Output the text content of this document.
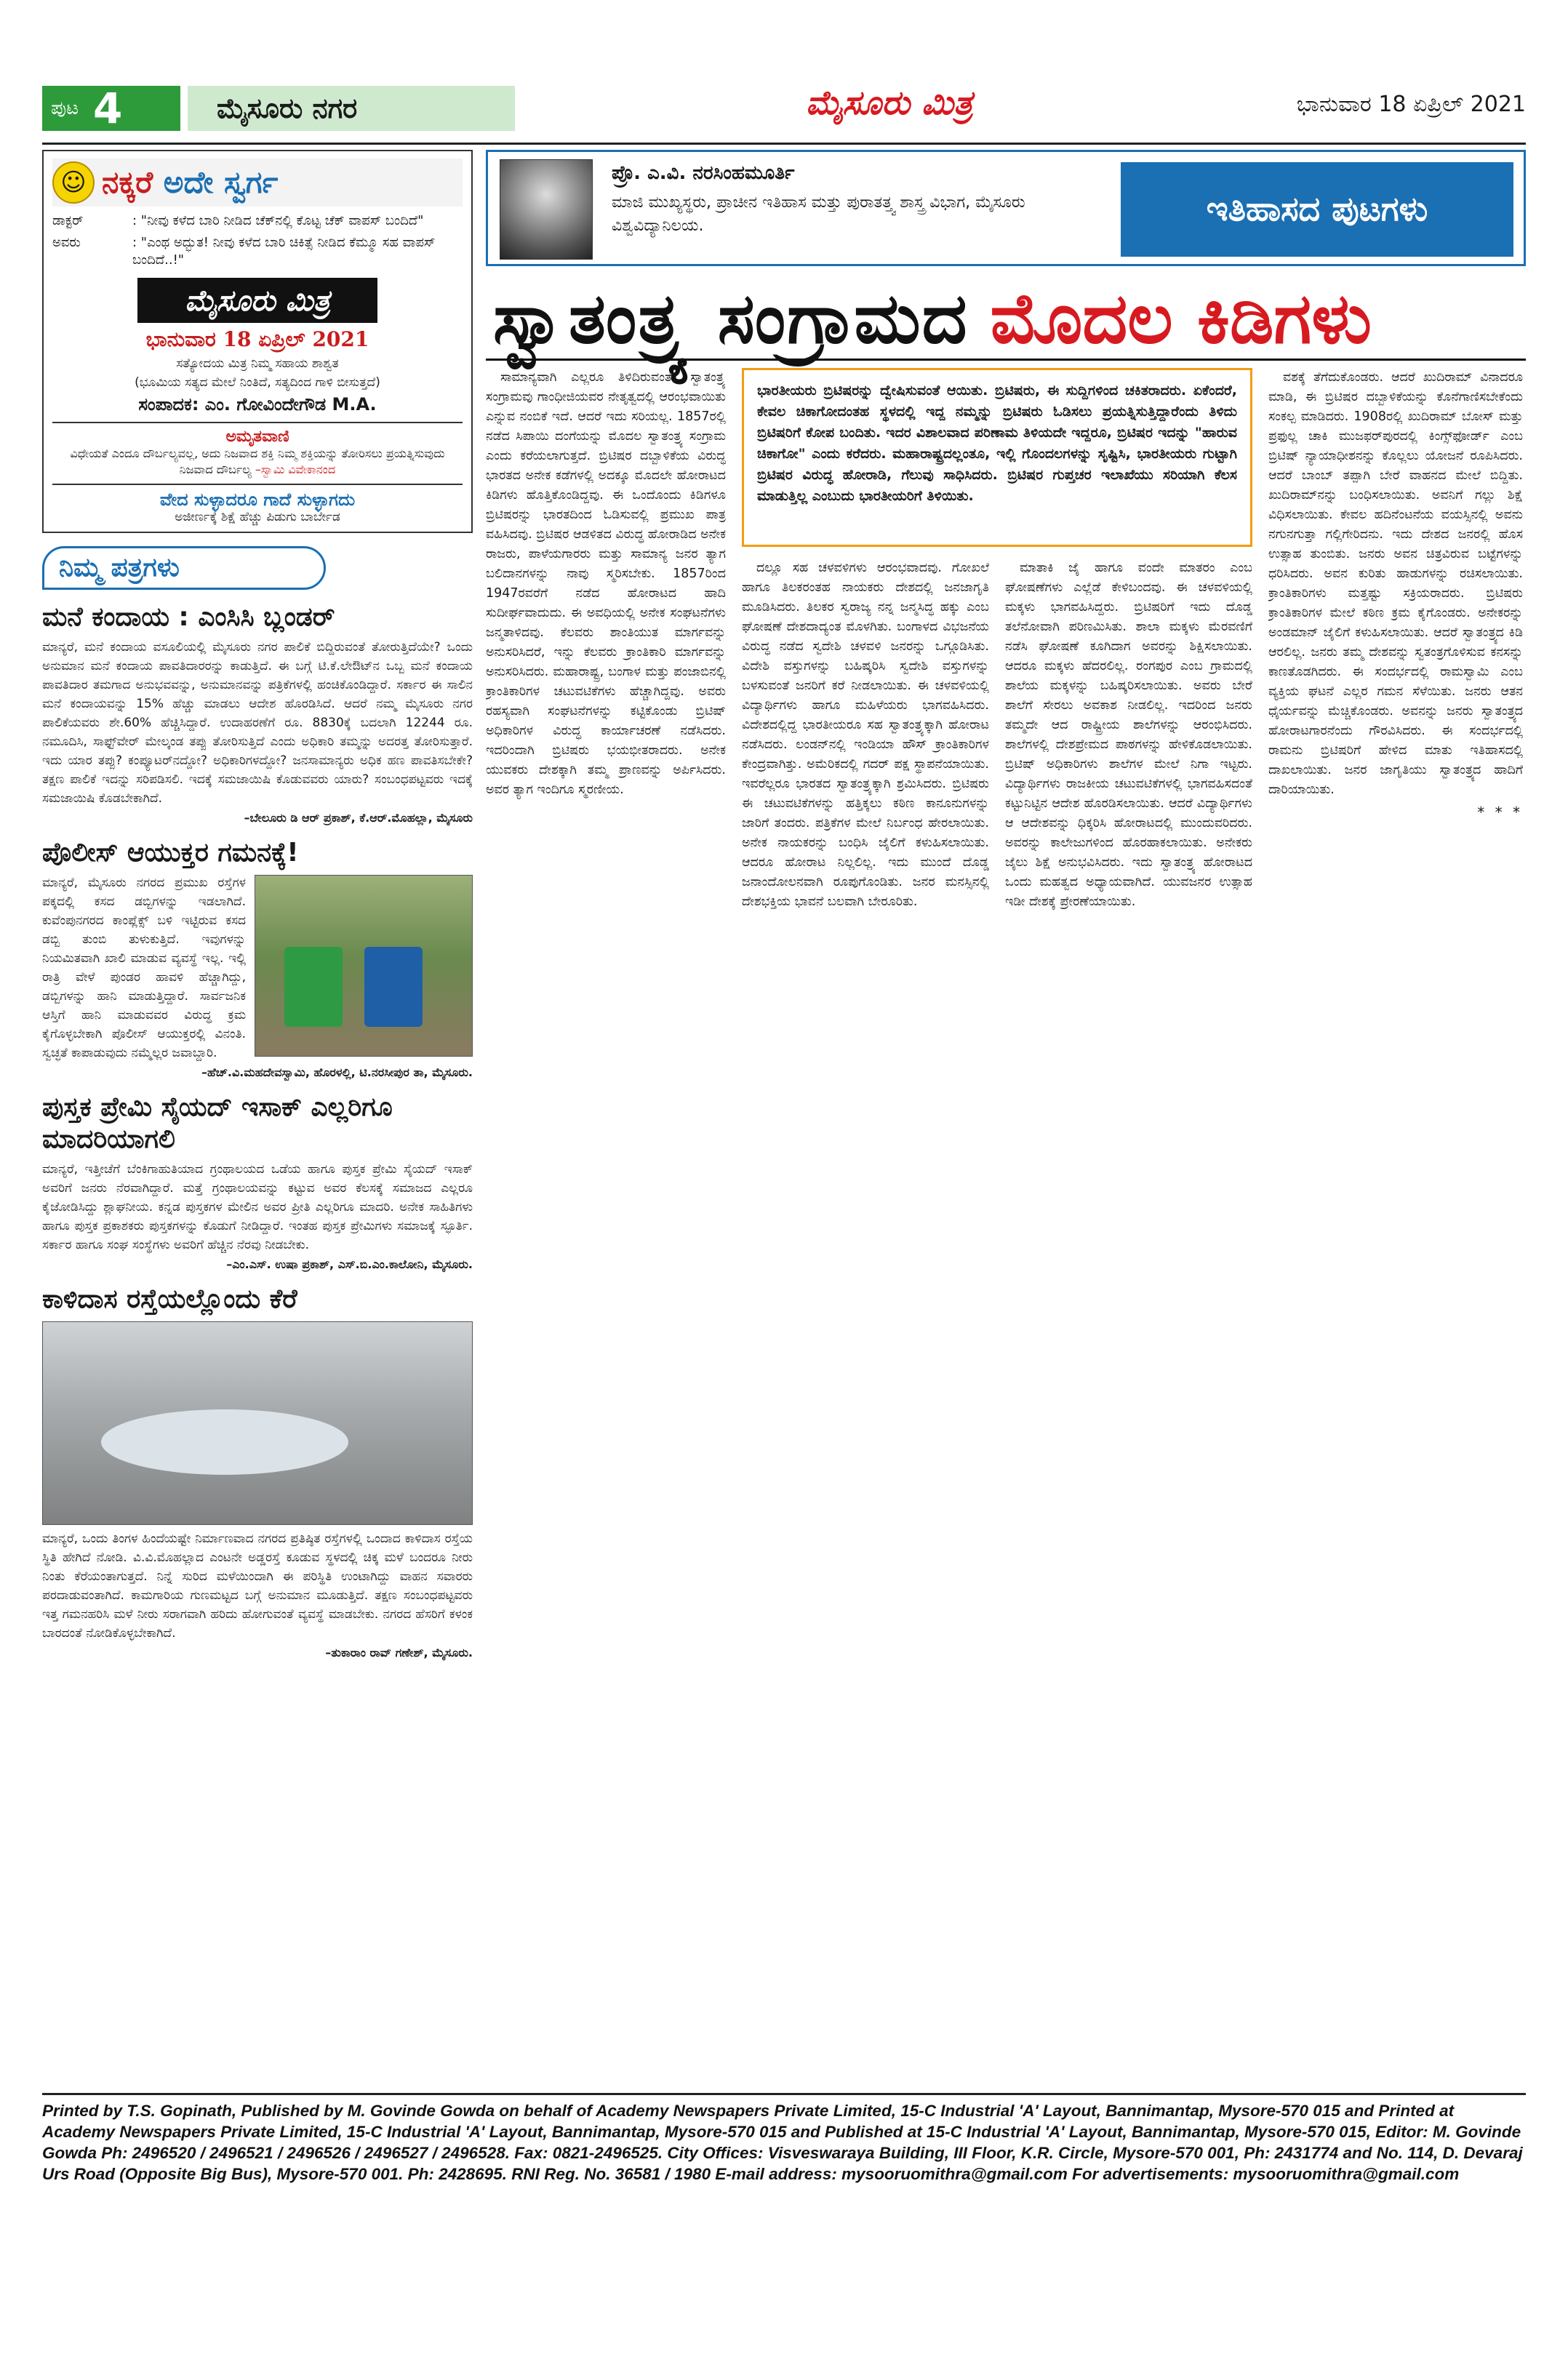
ಪುಟ 4	ಮೈಸೂರು ನಗರ	ಮೈಸೂರು ಮಿತ್ರ	ಭಾನುವಾರ 18 ಏಪ್ರಿಲ್ 2021
☺ ನಕ್ಕರೆ ಅದೇ ಸ್ವರ್ಗ
ಡಾಕ್ಟರ್	: "ನೀವು ಕಳೆದ ಬಾರಿ ನೀಡಿದ ಚೆಕ್‌ನಲ್ಲಿ ಕೊಟ್ಟ ಚೆಕ್ ವಾಪಸ್ ಬಂದಿದೆ"
ಅವರು	: "ಎಂಥ ಅದ್ಭುತ! ನೀವು ಕಳೆದ ಬಾರಿ ಚಿಕಿತ್ಸೆ ನೀಡಿದ ಕೆಮ್ಮೂ ಸಹ ವಾಪಸ್ ಬಂದಿದೆ..!"
ಮೈಸೂರು ಮಿತ್ರ
ಭಾನುವಾರ 18 ಏಪ್ರಿಲ್ 2021
ಸತ್ಯೋದಯ ಮಿತ್ರ ನಿಮ್ಮ ಸಹಾಯ ಶಾಶ್ವತ
(ಭೂಮಿಯ ಸತ್ಯದ ಮೇಲೆ ನಿಂತಿದೆ, ಸತ್ಯದಿಂದ ಗಾಳಿ ಬೀಸುತ್ತದೆ)
ಸಂಪಾದಕ: ಎಂ. ಗೋವಿಂದೇಗೌಡ M.A.
ಅಮೃತವಾಣಿ
ವಿಧೇಯತೆ ಎಂದೂ ದೌರ್ಬಲ್ಯವಲ್ಲ, ಅದು ನಿಜವಾದ ಶಕ್ತಿ ನಿಮ್ಮ ಶಕ್ತಿಯನ್ನು ತೋರಿಸಲು ಪ್ರಯತ್ನಿಸುವುದು ನಿಜವಾದ ದೌರ್ಬಲ್ಯ –ಸ್ವಾಮಿ ವಿವೇಕಾನಂದ
ವೇದ ಸುಳ್ಳಾದರೂ ಗಾದೆ ಸುಳ್ಳಾಗದು
ಅಜೀರ್ಣಕ್ಕೆ ಶಿಕ್ಷೆ ಹೆಚ್ಚು ಪಿಡುಗು ಬಾರ್ಬೇಡ
ನಿಮ್ಮ ಪತ್ರಗಳು
ಮನೆ ಕಂದಾಯ : ಎಂಸಿಸಿ ಬ್ಲಂಡರ್
ಮಾನ್ಯರೆ, ಮನೆ ಕಂದಾಯ ವಸೂಲಿಯಲ್ಲಿ ಮೈಸೂರು ನಗರ ಪಾಲಿಕೆ ಬಿದ್ದಿರುವಂತೆ ತೋರುತ್ತಿದೆಯೇ? ಒಂದು ಅನುಮಾನ ಮನೆ ಕಂದಾಯ ಪಾವತಿದಾರರನ್ನು ಕಾಡುತ್ತಿದೆ. ಈ ಬಗ್ಗೆ ಟಿ.ಕೆ.ಲೇಔಟ್‌ನ ಒಬ್ಬ ಮನೆ ಕಂದಾಯ ಪಾವತಿದಾರ ತಮಗಾದ ಅನುಭವವನ್ನು, ಅನುಮಾನವನ್ನು ಪತ್ರಿಕೆಗಳಲ್ಲಿ ಹಂಚಿಕೊಂಡಿದ್ದಾರೆ. ಸರ್ಕಾರ ಈ ಸಾಲಿನ ಮನೆ ಕಂದಾಯವನ್ನು 15% ಹೆಚ್ಚು ಮಾಡಲು ಆದೇಶ ಹೊರಡಿಸಿದೆ. ಆದರೆ ನಮ್ಮ ಮೈಸೂರು ನಗರ ಪಾಲಿಕೆಯವರು ಶೇ.60% ಹೆಚ್ಚಿಸಿದ್ದಾರೆ. ಉದಾಹರಣೆಗೆ ರೂ. 8830ಕ್ಕೆ ಬದಲಾಗಿ 12244 ರೂ. ನಮೂದಿಸಿ, ಸಾಫ್ಟ್‌ವೇರ್ ಮೇಲ್ಕಂಡ ತಪ್ಪು ತೋರಿಸುತ್ತಿದೆ ಎಂದು ಅಧಿಕಾರಿ ತಮ್ಮನ್ನು ಅದರತ್ತ ತೋರಿಸುತ್ತಾರೆ. ಇದು ಯಾರ ತಪ್ಪು? ಕಂಪ್ಯೂಟರ್‌ನದ್ದೋ? ಅಧಿಕಾರಿಗಳದ್ದೋ? ಜನಸಾಮಾನ್ಯರು ಅಧಿಕ ಹಣ ಪಾವತಿಸಬೇಕೇ? ತಕ್ಷಣ ಪಾಲಿಕೆ ಇದನ್ನು ಸರಿಪಡಿಸಲಿ. ಇದಕ್ಕೆ ಸಮಜಾಯಿಷಿ ಕೊಡುವವರು ಯಾರು? ಸಂಬಂಧಪಟ್ಟವರು ಇದಕ್ಕೆ ಸಮಜಾಯಿಷಿ ಕೊಡಬೇಕಾಗಿದೆ.
–ಬೇಲೂರು ಡಿ ಆರ್ ಪ್ರಕಾಶ್, ಕೆ.ಆರ್.ಮೊಹಲ್ಲಾ, ಮೈಸೂರು
ಪೊಲೀಸ್ ಆಯುಕ್ತರ ಗಮನಕ್ಕೆ!
ಮಾನ್ಯರೆ, ಮೈಸೂರು ನಗರದ ಪ್ರಮುಖ ರಸ್ತೆಗಳ ಪಕ್ಕದಲ್ಲಿ ಕಸದ ಡಬ್ಬಿಗಳನ್ನು ಇಡಲಾಗಿದೆ. ಕುವೆಂಪುನಗರದ ಕಾಂಪ್ಲೆಕ್ಸ್ ಬಳಿ ಇಟ್ಟಿರುವ ಕಸದ ಡಬ್ಬಿ ತುಂಬಿ ತುಳುಕುತ್ತಿದೆ. ಇವುಗಳನ್ನು ನಿಯಮಿತವಾಗಿ ಖಾಲಿ ಮಾಡುವ ವ್ಯವಸ್ಥೆ ಇಲ್ಲ. ಇಲ್ಲಿ ರಾತ್ರಿ ವೇಳೆ ಪುಂಡರ ಹಾವಳಿ ಹೆಚ್ಚಾಗಿದ್ದು, ಡಬ್ಬಿಗಳನ್ನು ಹಾನಿ ಮಾಡುತ್ತಿದ್ದಾರೆ. ಸಾರ್ವಜನಿಕ ಆಸ್ತಿಗೆ ಹಾನಿ ಮಾಡುವವರ ವಿರುದ್ಧ ಕ್ರಮ ಕೈಗೊಳ್ಳಬೇಕಾಗಿ ಪೊಲೀಸ್ ಆಯುಕ್ತರಲ್ಲಿ ವಿನಂತಿ. ಸ್ವಚ್ಛತೆ ಕಾಪಾಡುವುದು ನಮ್ಮೆಲ್ಲರ ಜವಾಬ್ದಾರಿ.
–ಹೆಚ್.ವಿ.ಮಹದೇವಸ್ವಾಮಿ, ಹೊರಳಲ್ಲಿ, ಟಿ.ನರಸೀಪುರ ತಾ, ಮೈಸೂರು.
ಪುಸ್ತಕ ಪ್ರೇಮಿ ಸೈಯದ್ ಇಸಾಕ್ ಎಲ್ಲರಿಗೂ ಮಾದರಿಯಾಗಲಿ
ಮಾನ್ಯರೆ, ಇತ್ತೀಚೆಗೆ ಬೆಂಕಿಗಾಹುತಿಯಾದ ಗ್ರಂಥಾಲಯದ ಒಡೆಯ ಹಾಗೂ ಪುಸ್ತಕ ಪ್ರೇಮಿ ಸೈಯದ್ ಇಸಾಕ್ ಅವರಿಗೆ ಜನರು ನೆರವಾಗಿದ್ದಾರೆ. ಮತ್ತೆ ಗ್ರಂಥಾಲಯವನ್ನು ಕಟ್ಟುವ ಅವರ ಕೆಲಸಕ್ಕೆ ಸಮಾಜದ ಎಲ್ಲರೂ ಕೈಜೋಡಿಸಿದ್ದು ಶ್ಲಾಘನೀಯ. ಕನ್ನಡ ಪುಸ್ತಕಗಳ ಮೇಲಿನ ಅವರ ಪ್ರೀತಿ ಎಲ್ಲರಿಗೂ ಮಾದರಿ. ಅನೇಕ ಸಾಹಿತಿಗಳು ಹಾಗೂ ಪುಸ್ತಕ ಪ್ರಕಾಶಕರು ಪುಸ್ತಕಗಳನ್ನು ಕೊಡುಗೆ ನೀಡಿದ್ದಾರೆ. ಇಂತಹ ಪುಸ್ತಕ ಪ್ರೇಮಿಗಳು ಸಮಾಜಕ್ಕೆ ಸ್ಫೂರ್ತಿ. ಸರ್ಕಾರ ಹಾಗೂ ಸಂಘ ಸಂಸ್ಥೆಗಳು ಅವರಿಗೆ ಹೆಚ್ಚಿನ ನೆರವು ನೀಡಬೇಕು.
–ಎಂ.ಎಸ್. ಉಷಾ ಪ್ರಕಾಶ್, ಎಸ್.ಬಿ.ಎಂ.ಕಾಲೋನಿ, ಮೈಸೂರು.
ಕಾಳಿದಾಸ ರಸ್ತೆಯಲ್ಲೊಂದು ಕೆರೆ
ಮಾನ್ಯರೆ, ಒಂದು ತಿಂಗಳ ಹಿಂದೆಯಷ್ಟೇ ನಿರ್ಮಾಣವಾದ ನಗರದ ಪ್ರತಿಷ್ಠಿತ ರಸ್ತೆಗಳಲ್ಲಿ ಒಂದಾದ ಕಾಳಿದಾಸ ರಸ್ತೆಯ ಸ್ಥಿತಿ ಹೇಗಿದೆ ನೋಡಿ. ವಿ.ವಿ.ಮೊಹಲ್ಲಾದ ಎಂಟನೇ ಅಡ್ಡರಸ್ತೆ ಕೂಡುವ ಸ್ಥಳದಲ್ಲಿ ಚಿಕ್ಕ ಮಳೆ ಬಂದರೂ ನೀರು ನಿಂತು ಕೆರೆಯಂತಾಗುತ್ತದೆ. ನಿನ್ನೆ ಸುರಿದ ಮಳೆಯಿಂದಾಗಿ ಈ ಪರಿಸ್ಥಿತಿ ಉಂಟಾಗಿದ್ದು ವಾಹನ ಸವಾರರು ಪರದಾಡುವಂತಾಗಿದೆ. ಕಾಮಗಾರಿಯ ಗುಣಮಟ್ಟದ ಬಗ್ಗೆ ಅನುಮಾನ ಮೂಡುತ್ತಿದೆ. ತಕ್ಷಣ ಸಂಬಂಧಪಟ್ಟವರು ಇತ್ತ ಗಮನಹರಿಸಿ ಮಳೆ ನೀರು ಸರಾಗವಾಗಿ ಹರಿದು ಹೋಗುವಂತೆ ವ್ಯವಸ್ಥೆ ಮಾಡಬೇಕು. ನಗರದ ಹೆಸರಿಗೆ ಕಳಂಕ ಬಾರದಂತೆ ನೋಡಿಕೊಳ್ಳಬೇಕಾಗಿದೆ.
–ತುಕಾರಾಂ ರಾವ್ ಗಣೇಶ್, ಮೈಸೂರು.
ಪ್ರೊ. ಎ.ವಿ. ನರಸಿಂಹಮೂರ್ತಿ
ಮಾಜಿ ಮುಖ್ಯಸ್ಥರು, ಪ್ರಾಚೀನ ಇತಿಹಾಸ ಮತ್ತು ಪುರಾತತ್ತ್ವ ಶಾಸ್ತ್ರ ವಿಭಾಗ, ಮೈಸೂರು ವಿಶ್ವವಿದ್ಯಾನಿಲಯ.	ಇತಿಹಾಸದ ಪುಟಗಳು
ಸ್ವಾತಂತ್ರ್ಯ ಸಂಗ್ರಾಮದ ಮೊದಲ ಕಿಡಿಗಳು

ಸಾಮಾನ್ಯವಾಗಿ ಎಲ್ಲರೂ ತಿಳಿದಿರುವಂತೆ, ಸ್ವಾತಂತ್ರ್ಯ ಸಂಗ್ರಾಮವು ಗಾಂಧೀಜಿಯವರ ನೇತೃತ್ವದಲ್ಲಿ ಆರಂಭವಾಯಿತು ಎನ್ನುವ ನಂಬಿಕೆ ಇದೆ. ಆದರೆ ಇದು ಸರಿಯಲ್ಲ. 1857ರಲ್ಲಿ ನಡೆದ ಸಿಪಾಯಿ ದಂಗೆಯನ್ನು ಮೊದಲ ಸ್ವಾತಂತ್ರ್ಯ ಸಂಗ್ರಾಮ ಎಂದು ಕರೆಯಲಾಗುತ್ತದೆ. ಬ್ರಿಟಿಷರ ದಬ್ಬಾಳಿಕೆಯ ವಿರುದ್ಧ ಭಾರತದ ಅನೇಕ ಕಡೆಗಳಲ್ಲಿ ಅದಕ್ಕೂ ಮೊದಲೇ ಹೋರಾಟದ ಕಿಡಿಗಳು ಹೊತ್ತಿಕೊಂಡಿದ್ದವು. ಈ ಒಂದೊಂದು ಕಿಡಿಗಳೂ ಬ್ರಿಟಿಷರನ್ನು ಭಾರತದಿಂದ ಓಡಿಸುವಲ್ಲಿ ಪ್ರಮುಖ ಪಾತ್ರ ವಹಿಸಿದವು. ಬ್ರಿಟಿಷರ ಆಡಳಿತದ ವಿರುದ್ಧ ಹೋರಾಡಿದ ಅನೇಕ ರಾಜರು, ಪಾಳೆಯಗಾರರು ಮತ್ತು ಸಾಮಾನ್ಯ ಜನರ ತ್ಯಾಗ ಬಲಿದಾನಗಳನ್ನು ನಾವು ಸ್ಮರಿಸಬೇಕು. 1857ರಿಂದ 1947ರವರೆಗೆ ನಡೆದ ಹೋರಾಟದ ಹಾದಿ ಸುದೀರ್ಘವಾದುದು. ಈ ಅವಧಿಯಲ್ಲಿ ಅನೇಕ ಸಂಘಟನೆಗಳು ಜನ್ಮತಾಳಿದವು. ಕೆಲವರು ಶಾಂತಿಯುತ ಮಾರ್ಗವನ್ನು ಅನುಸರಿಸಿದರೆ, ಇನ್ನು ಕೆಲವರು ಕ್ರಾಂತಿಕಾರಿ ಮಾರ್ಗವನ್ನು ಅನುಸರಿಸಿದರು. ಮಹಾರಾಷ್ಟ್ರ, ಬಂಗಾಳ ಮತ್ತು ಪಂಜಾಬಿನಲ್ಲಿ ಕ್ರಾಂತಿಕಾರಿಗಳ ಚಟುವಟಿಕೆಗಳು ಹೆಚ್ಚಾಗಿದ್ದವು. ಅವರು ರಹಸ್ಯವಾಗಿ ಸಂಘಟನೆಗಳನ್ನು ಕಟ್ಟಿಕೊಂಡು ಬ್ರಿಟಿಷ್ ಅಧಿಕಾರಿಗಳ ವಿರುದ್ಧ ಕಾರ್ಯಾಚರಣೆ ನಡೆಸಿದರು. ಇದರಿಂದಾಗಿ ಬ್ರಿಟಿಷರು ಭಯಭೀತರಾದರು. ಅನೇಕ ಯುವಕರು ದೇಶಕ್ಕಾಗಿ ತಮ್ಮ ಪ್ರಾಣವನ್ನು ಅರ್ಪಿಸಿದರು. ಅವರ ತ್ಯಾಗ ಇಂದಿಗೂ ಸ್ಮರಣೀಯ.

ಭಾರತೀಯರು ಬ್ರಿಟಿಷರನ್ನು ದ್ವೇಷಿಸುವಂತೆ ಆಯಿತು. ಬ್ರಿಟಿಷರು, ಈ ಸುದ್ದಿಗಳಿಂದ ಚಕಿತರಾದರು. ಏಕೆಂದರೆ, ಕೇವಲ ಚಿಕಾಗೋದಂತಹ ಸ್ಥಳದಲ್ಲಿ ಇದ್ದ ನಮ್ಮನ್ನು ಬ್ರಿಟಿಷರು ಓಡಿಸಲು ಪ್ರಯತ್ನಿಸುತ್ತಿದ್ದಾರೆಂದು ತಿಳಿದು ಬ್ರಿಟಿಷರಿಗೆ ಕೋಪ ಬಂದಿತು. ಇದರ ವಿಶಾಲವಾದ ಪರಿಣಾಮ ತಿಳಿಯದೇ ಇದ್ದರೂ, ಬ್ರಿಟಿಷರ ಇದನ್ನು "ಹಾರುವ ಚಿಕಾಗೋ" ಎಂದು ಕರೆದರು. ಮಹಾರಾಷ್ಟ್ರದಲ್ಲಂತೂ, ಇಲ್ಲಿ ಗೊಂದಲಗಳನ್ನು ಸೃಷ್ಟಿಸಿ, ಭಾರತೀಯರು ಗುಟ್ಟಾಗಿ ಬ್ರಿಟಿಷರ ವಿರುದ್ಧ ಹೋರಾಡಿ, ಗೆಲುವು ಸಾಧಿಸಿದರು. ಬ್ರಿಟಿಷರ ಗುಪ್ತಚರ ಇಲಾಖೆಯು ಸರಿಯಾಗಿ ಕೆಲಸ ಮಾಡುತ್ತಿಲ್ಲ ಎಂಬುದು ಭಾರತೀಯರಿಗೆ ತಿಳಿಯಿತು.

ದಲ್ಲೂ ಸಹ ಚಳವಳಿಗಳು ಆರಂಭವಾದವು. ಗೋಖಲೆ ಹಾಗೂ ತಿಲಕರಂತಹ ನಾಯಕರು ದೇಶದಲ್ಲಿ ಜನಜಾಗೃತಿ ಮೂಡಿಸಿದರು. ತಿಲಕರ ಸ್ವರಾಜ್ಯ ನನ್ನ ಜನ್ಮಸಿದ್ಧ ಹಕ್ಕು ಎಂಬ ಘೋಷಣೆ ದೇಶದಾದ್ಯಂತ ಮೊಳಗಿತು. ಬಂಗಾಳದ ವಿಭಜನೆಯ ವಿರುದ್ಧ ನಡೆದ ಸ್ವದೇಶಿ ಚಳವಳಿ ಜನರನ್ನು ಒಗ್ಗೂಡಿಸಿತು. ವಿದೇಶಿ ವಸ್ತುಗಳನ್ನು ಬಹಿಷ್ಕರಿಸಿ ಸ್ವದೇಶಿ ವಸ್ತುಗಳನ್ನು ಬಳಸುವಂತೆ ಜನರಿಗೆ ಕರೆ ನೀಡಲಾಯಿತು. ಈ ಚಳವಳಿಯಲ್ಲಿ ವಿದ್ಯಾರ್ಥಿಗಳು ಹಾಗೂ ಮಹಿಳೆಯರು ಭಾಗವಹಿಸಿದರು. ವಿದೇಶದಲ್ಲಿದ್ದ ಭಾರತೀಯರೂ ಸಹ ಸ್ವಾತಂತ್ರ್ಯಕ್ಕಾಗಿ ಹೋರಾಟ ನಡೆಸಿದರು. ಲಂಡನ್‌ನಲ್ಲಿ ಇಂಡಿಯಾ ಹೌಸ್ ಕ್ರಾಂತಿಕಾರಿಗಳ ಕೇಂದ್ರವಾಗಿತ್ತು. ಅಮೆರಿಕದಲ್ಲಿ ಗದರ್ ಪಕ್ಷ ಸ್ಥಾಪನೆಯಾಯಿತು. ಇವರೆಲ್ಲರೂ ಭಾರತದ ಸ್ವಾತಂತ್ರ್ಯಕ್ಕಾಗಿ ಶ್ರಮಿಸಿದರು. ಬ್ರಿಟಿಷರು ಈ ಚಟುವಟಿಕೆಗಳನ್ನು ಹತ್ತಿಕ್ಕಲು ಕಠಿಣ ಕಾನೂನುಗಳನ್ನು ಜಾರಿಗೆ ತಂದರು. ಪತ್ರಿಕೆಗಳ ಮೇಲೆ ನಿರ್ಬಂಧ ಹೇರಲಾಯಿತು. ಅನೇಕ ನಾಯಕರನ್ನು ಬಂಧಿಸಿ ಜೈಲಿಗೆ ಕಳುಹಿಸಲಾಯಿತು. ಆದರೂ ಹೋರಾಟ ನಿಲ್ಲಲಿಲ್ಲ. ಇದು ಮುಂದೆ ದೊಡ್ಡ ಜನಾಂದೋಲನವಾಗಿ ರೂಪುಗೊಂಡಿತು. ಜನರ ಮನಸ್ಸಿನಲ್ಲಿ ದೇಶಭಕ್ತಿಯ ಭಾವನೆ ಬಲವಾಗಿ ಬೇರೂರಿತು.

ಮಾತಾಕಿ ಜೈ ಹಾಗೂ ವಂದೇ ಮಾತರಂ ಎಂಬ ಘೋಷಣೆಗಳು ಎಲ್ಲೆಡೆ ಕೇಳಿಬಂದವು. ಈ ಚಳವಳಿಯಲ್ಲಿ ಮಕ್ಕಳು ಭಾಗವಹಿಸಿದ್ದರು. ಬ್ರಿಟಿಷರಿಗೆ ಇದು ದೊಡ್ಡ ತಲೆನೋವಾಗಿ ಪರಿಣಮಿಸಿತು. ಶಾಲಾ ಮಕ್ಕಳು ಮೆರವಣಿಗೆ ನಡೆಸಿ ಘೋಷಣೆ ಕೂಗಿದಾಗ ಅವರನ್ನು ಶಿಕ್ಷಿಸಲಾಯಿತು. ಆದರೂ ಮಕ್ಕಳು ಹೆದರಲಿಲ್ಲ. ರಂಗಪುರ ಎಂಬ ಗ್ರಾಮದಲ್ಲಿ ಶಾಲೆಯ ಮಕ್ಕಳನ್ನು ಬಹಿಷ್ಕರಿಸಲಾಯಿತು. ಅವರು ಬೇರೆ ಶಾಲೆಗೆ ಸೇರಲು ಅವಕಾಶ ನೀಡಲಿಲ್ಲ. ಇದರಿಂದ ಜನರು ತಮ್ಮದೇ ಆದ ರಾಷ್ಟ್ರೀಯ ಶಾಲೆಗಳನ್ನು ಆರಂಭಿಸಿದರು. ಶಾಲೆಗಳಲ್ಲಿ ದೇಶಪ್ರೇಮದ ಪಾಠಗಳನ್ನು ಹೇಳಿಕೊಡಲಾಯಿತು. ಬ್ರಿಟಿಷ್ ಅಧಿಕಾರಿಗಳು ಶಾಲೆಗಳ ಮೇಲೆ ನಿಗಾ ಇಟ್ಟರು. ವಿದ್ಯಾರ್ಥಿಗಳು ರಾಜಕೀಯ ಚಟುವಟಿಕೆಗಳಲ್ಲಿ ಭಾಗವಹಿಸದಂತೆ ಕಟ್ಟುನಿಟ್ಟಿನ ಆದೇಶ ಹೊರಡಿಸಲಾಯಿತು. ಆದರೆ ವಿದ್ಯಾರ್ಥಿಗಳು ಆ ಆದೇಶವನ್ನು ಧಿಕ್ಕರಿಸಿ ಹೋರಾಟದಲ್ಲಿ ಮುಂದುವರಿದರು. ಅವರನ್ನು ಕಾಲೇಜುಗಳಿಂದ ಹೊರಹಾಕಲಾಯಿತು. ಅನೇಕರು ಜೈಲು ಶಿಕ್ಷೆ ಅನುಭವಿಸಿದರು. ಇದು ಸ್ವಾತಂತ್ರ್ಯ ಹೋರಾಟದ ಒಂದು ಮಹತ್ವದ ಅಧ್ಯಾಯವಾಗಿದೆ. ಯುವಜನರ ಉತ್ಸಾಹ ಇಡೀ ದೇಶಕ್ಕೆ ಪ್ರೇರಣೆಯಾಯಿತು.

ವಶಕ್ಕೆ ತೆಗೆದುಕೊಂಡರು. ಆದರೆ ಖುದಿರಾಮ್ ವಿನಾದರೂ ಮಾಡಿ, ಈ ಬ್ರಿಟಿಷರ ದಬ್ಬಾಳಿಕೆಯನ್ನು ಕೊನೆಗಾಣಿಸಬೇಕೆಂದು ಸಂಕಲ್ಪ ಮಾಡಿದರು. 1908ರಲ್ಲಿ ಖುದಿರಾಮ್ ಬೋಸ್ ಮತ್ತು ಪ್ರಫುಲ್ಲ ಚಾಕಿ ಮುಜಫರ್‌ಪುರದಲ್ಲಿ ಕಿಂಗ್ಸ್‌ಫೋರ್ಡ್ ಎಂಬ ಬ್ರಿಟಿಷ್ ನ್ಯಾಯಾಧೀಶನನ್ನು ಕೊಲ್ಲಲು ಯೋಜನೆ ರೂಪಿಸಿದರು. ಆದರೆ ಬಾಂಬ್ ತಪ್ಪಾಗಿ ಬೇರೆ ವಾಹನದ ಮೇಲೆ ಬಿದ್ದಿತು. ಖುದಿರಾಮ್‌ನನ್ನು ಬಂಧಿಸಲಾಯಿತು. ಅವನಿಗೆ ಗಲ್ಲು ಶಿಕ್ಷೆ ವಿಧಿಸಲಾಯಿತು. ಕೇವಲ ಹದಿನೆಂಟನೆಯ ವಯಸ್ಸಿನಲ್ಲಿ ಅವನು ನಗುನಗುತ್ತಾ ಗಲ್ಲಿಗೇರಿದನು. ಇದು ದೇಶದ ಜನರಲ್ಲಿ ಹೊಸ ಉತ್ಸಾಹ ತುಂಬಿತು. ಜನರು ಅವನ ಚಿತ್ರವಿರುವ ಬಟ್ಟೆಗಳನ್ನು ಧರಿಸಿದರು. ಅವನ ಕುರಿತು ಹಾಡುಗಳನ್ನು ರಚಿಸಲಾಯಿತು. ಕ್ರಾಂತಿಕಾರಿಗಳು ಮತ್ತಷ್ಟು ಸಕ್ರಿಯರಾದರು. ಬ್ರಿಟಿಷರು ಕ್ರಾಂತಿಕಾರಿಗಳ ಮೇಲೆ ಕಠಿಣ ಕ್ರಮ ಕೈಗೊಂಡರು. ಅನೇಕರನ್ನು ಅಂಡಮಾನ್ ಜೈಲಿಗೆ ಕಳುಹಿಸಲಾಯಿತು. ಆದರೆ ಸ್ವಾತಂತ್ರ್ಯದ ಕಿಡಿ ಆರಲಿಲ್ಲ. ಜನರು ತಮ್ಮ ದೇಶವನ್ನು ಸ್ವತಂತ್ರಗೊಳಿಸುವ ಕನಸನ್ನು ಕಾಣತೊಡಗಿದರು. ಈ ಸಂದರ್ಭದಲ್ಲಿ ರಾಮಸ್ವಾಮಿ ಎಂಬ ವ್ಯಕ್ತಿಯ ಘಟನೆ ಎಲ್ಲರ ಗಮನ ಸೆಳೆಯಿತು. ಜನರು ಆತನ ಧೈರ್ಯವನ್ನು ಮೆಚ್ಚಿಕೊಂಡರು. ಅವನನ್ನು ಜನರು ಸ್ವಾತಂತ್ರ್ಯದ ಹೋರಾಟಗಾರನೆಂದು ಗೌರವಿಸಿದರು. ಈ ಸಂದರ್ಭದಲ್ಲಿ ರಾಮನು ಬ್ರಿಟಿಷರಿಗೆ ಹೇಳಿದ ಮಾತು ಇತಿಹಾಸದಲ್ಲಿ ದಾಖಲಾಯಿತು. ಜನರ ಜಾಗೃತಿಯು ಸ್ವಾತಂತ್ರ್ಯದ ಹಾದಿಗೆ ದಾರಿಯಾಯಿತು.

* * *
Printed by T.S. Gopinath, Published by M. Govinde Gowda on behalf of Academy Newspapers Private Limited, 15-C Industrial 'A' Layout, Bannimantap, Mysore-570 015 and Printed at Academy Newspapers Private Limited, 15-C Industrial 'A' Layout, Bannimantap, Mysore-570 015 and Published at 15-C Industrial 'A' Layout, Bannimantap, Mysore-570 015, Editor: M. Govinde Gowda Ph: 2496520 / 2496521 / 2496526 / 2496527 / 2496528. Fax: 0821-2496525. City Offices: Visveswaraya Building, III Floor, K.R. Circle, Mysore-570 001, Ph: 2431774 and No. 114, D. Devaraj Urs Road (Opposite Big Bus), Mysore-570 001. Ph: 2428695. RNI Reg. No. 36581 / 1980 E-mail address: mysooruomithra@gmail.com For advertisements: mysooruomithra@gmail.com
